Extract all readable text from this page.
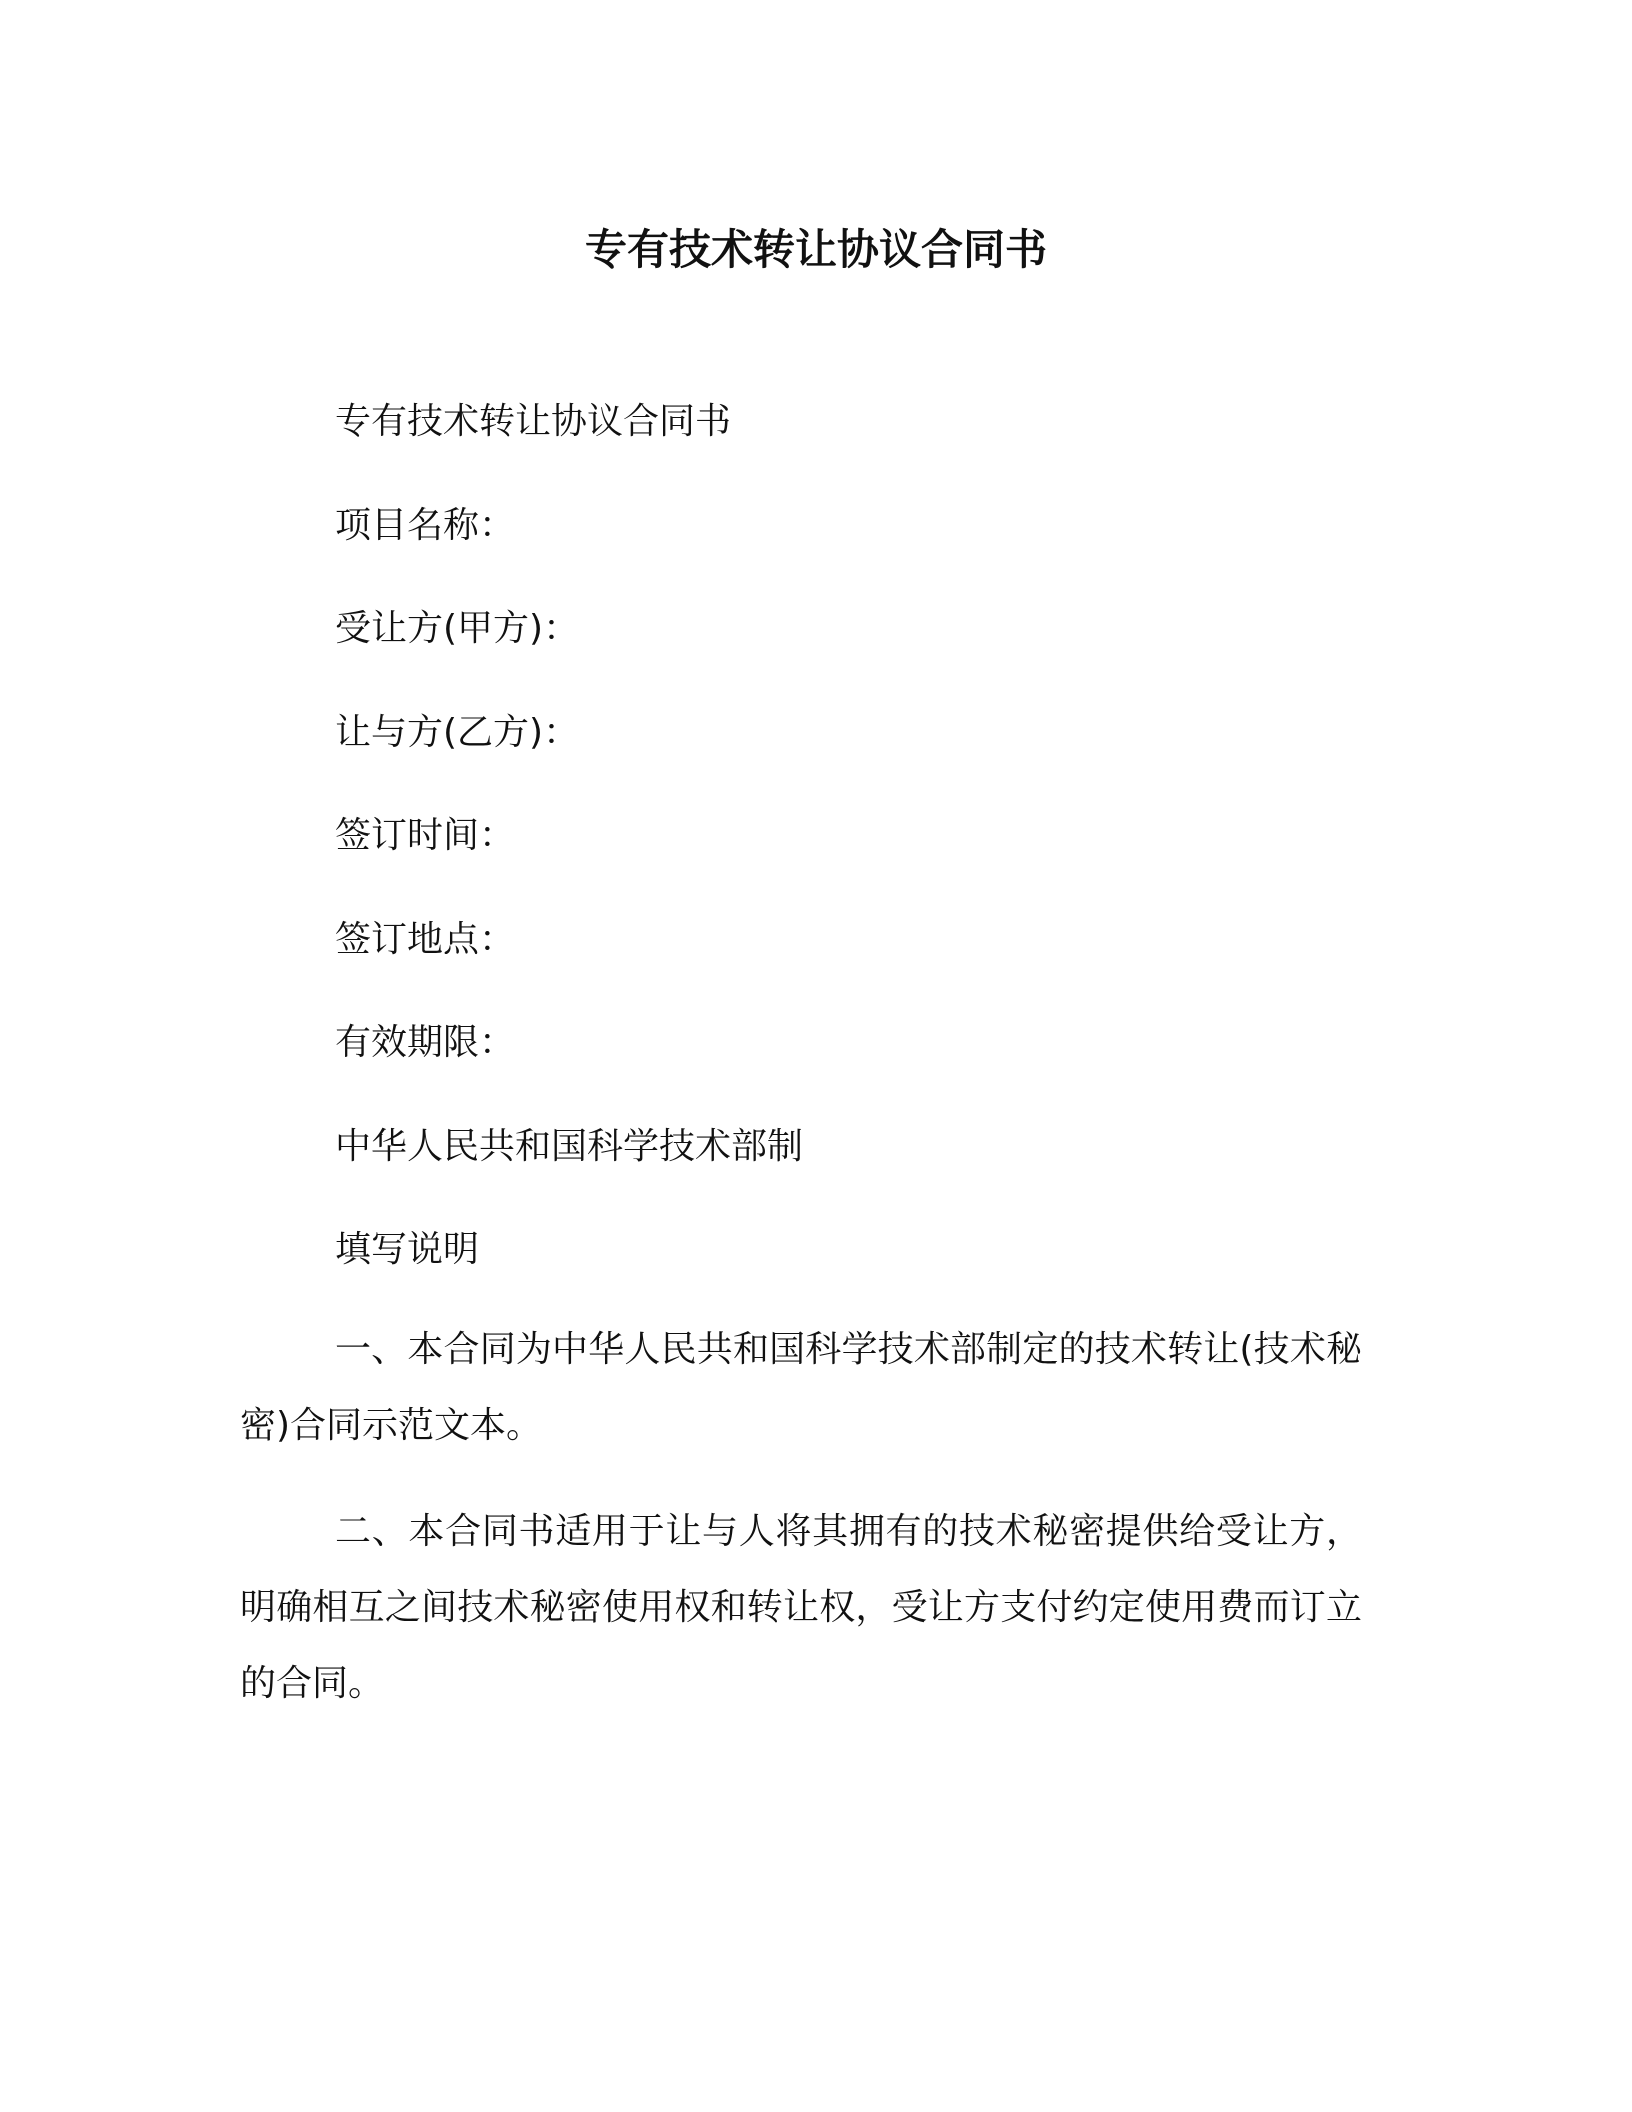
专有技术转让协议合同书
专有技术转让协议合同书
项目名称：
受让方(甲方)：
让与方(乙方)：
签订时间：
签订地点：
有效期限：
中华人民共和国科学技术部制
填写说明
一、本合同为中华人民共和国科学技术部制定的技术转让(技术秘密)合同示范文本。
二、本合同书适用于让与人将其拥有的技术秘密提供给受让方，明确相互之间技术秘密使用权和转让权，受让方支付约定使用费而订立的合同。
